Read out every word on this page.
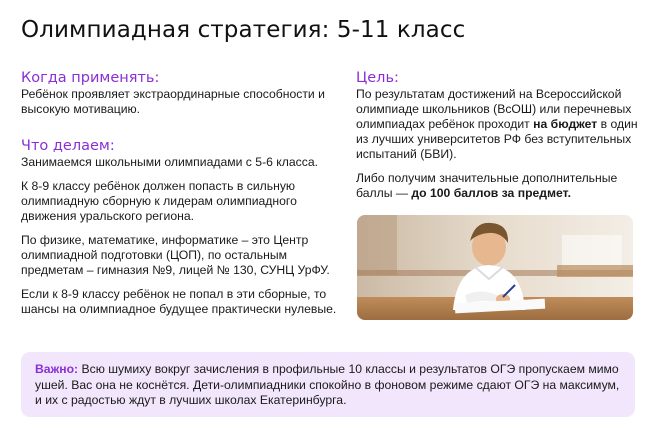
Олимпиадная стратегия: 5-11 класс
Когда применять:
Ребёнок проявляет экстраординарные способности и высокую мотивацию.
Что делаем:
Занимаемся школьными олимпиадами с 5-6 класса.
К 8-9 классу ребёнок должен попасть в сильную олимпиадную сборную к лидерам олимпиадного движения уральского региона.
По физике, математике, информатике – это Центр олимпиадной подготовки (ЦОП), по остальным предметам – гимназия №9, лицей № 130, СУНЦ УрФУ.
Если к 8-9 классу ребёнок не попал в эти сборные, то шансы на олимпиадное будущее практически нулевые.
Цель:
По результатам достижений на Всероссийской олимпиаде школьников (ВсОШ) или перечневых олимпиадах ребёнок проходит на бюджет в один из лучших университетов РФ без вступительных испытаний (БВИ).
Либо получим значительные дополнительные баллы — до 100 баллов за предмет.
Важно: Всю шумиху вокруг зачисления в профильные 10 классы и результатов ОГЭ пропускаем мимо ушей. Вас она не коснётся. Дети-олимпиадники спокойно в фоновом режиме сдают ОГЭ на максимум, и их с радостью ждут в лучших школах Екатеринбурга.
